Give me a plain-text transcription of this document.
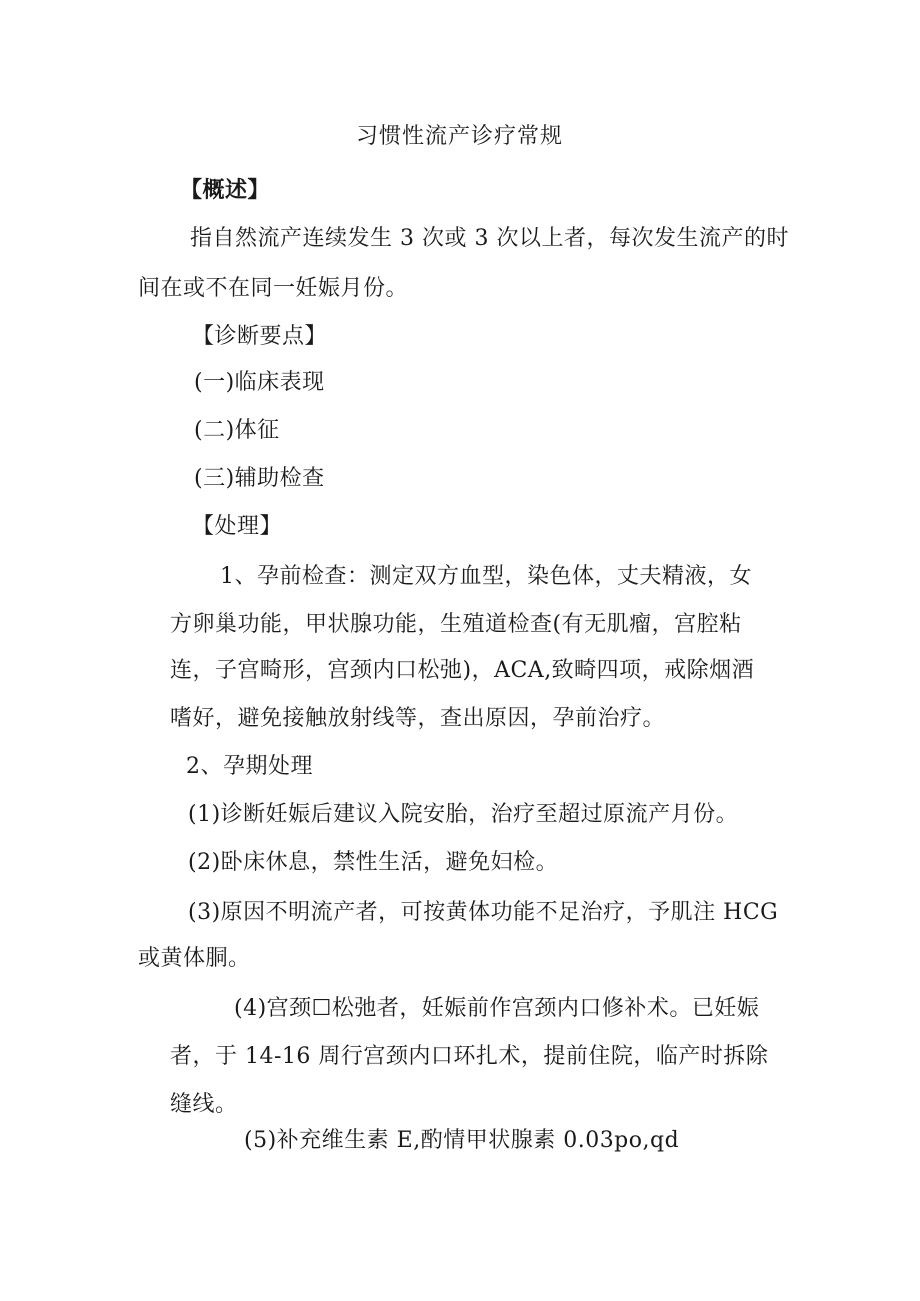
习惯性流产诊疗常规
【概述】
指自然流产连续发生 3 次或 3 次以上者，每次发生流产的时
间在或不在同一妊娠月份。
【诊断要点】
(一)临床表现
(二)体征
(三)辅助检查
【处理】
1、孕前检查：测定双方血型，染色体，丈夫精液，女
方卵巢功能，甲状腺功能，生殖道检查(有无肌瘤，宫腔粘
连，子宫畸形，宫颈内口松弛)，ACA,致畸四项，戒除烟酒
嗜好，避免接触放射线等，查出原因，孕前治疗。
2、孕期处理
(1)诊断妊娠后建议入院安胎，治疗至超过原流产月份。
(2)卧床休息，禁性生活，避免妇检。
(3)原因不明流产者，可按黄体功能不足治疗，予肌注 HCG
或黄体胴。
(4)宫颈☐松弛者，妊娠前作宫颈内口修补术。已妊娠
者，于 14-16 周行宫颈内口环扎术，提前住院，临产时拆除
缝线。
(5)补充维生素 E,酌情甲状腺素 0.03po,qd
